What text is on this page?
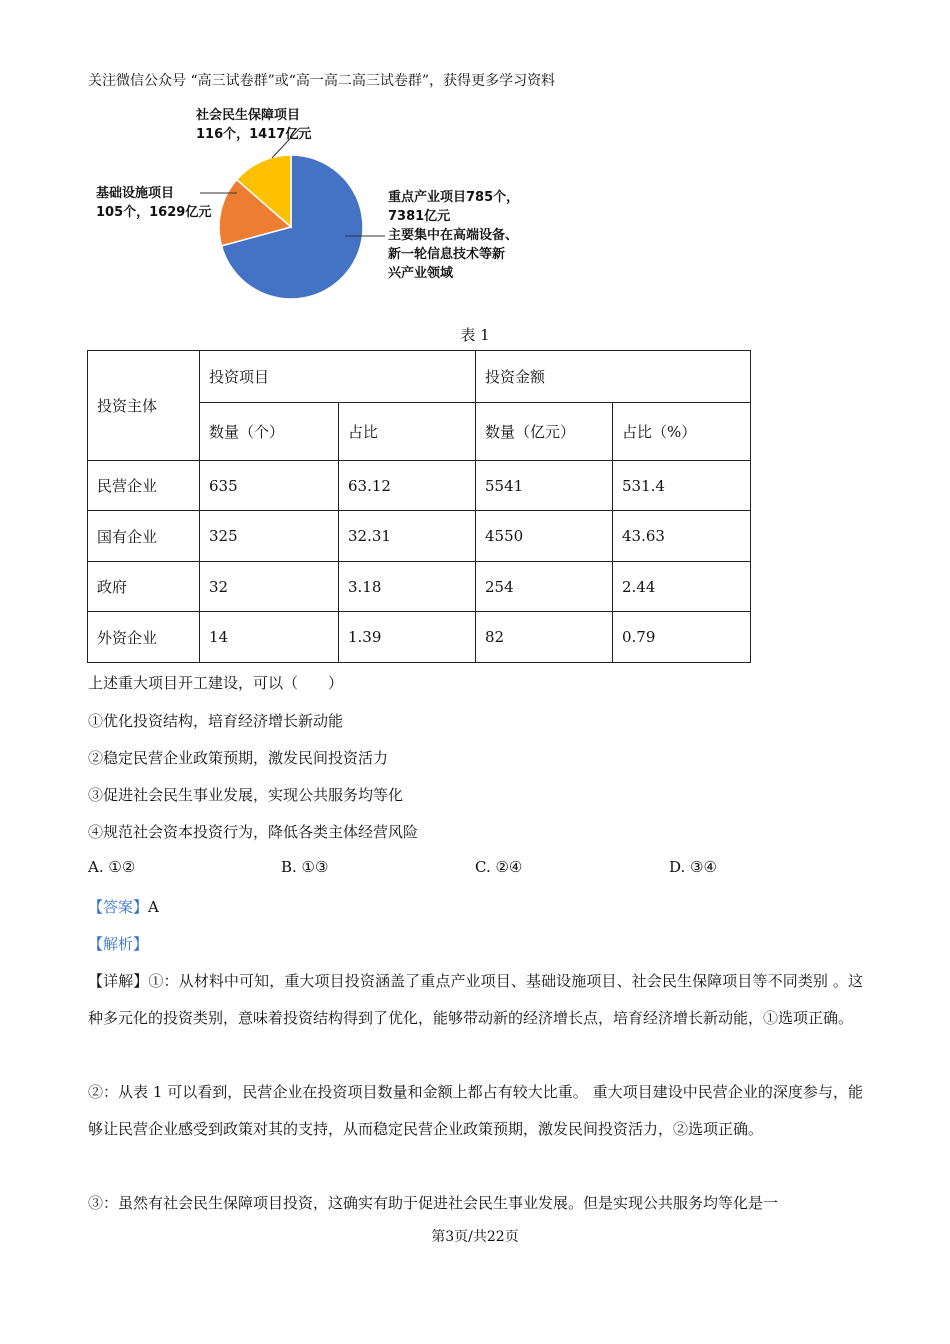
关注微信公众号 “高三试卷群”或“高一高二高三试卷群”，获得更多学习资料
社会民生保障项目
116个，1417亿元
基础设施项目
105个，1629亿元
重点产业项目785个，
7381亿元
主要集中在高端设备、
新一轮信息技术等新
兴产业领域
表 1
投资主体	投资项目		投资金额	
	数量（个）	占比	数量（亿元）	占比（%）
民营企业	635	63.12	5541	531.4
国有企业	325	32.31	4550	43.63
政府	32	3.18	254	2.44
外资企业	14	1.39	82	0.79
上述重大项目开工建设，可以（　　）
①优化投资结构，培育经济增长新动能
②稳定民营企业政策预期，激发民间投资活力
③促进社会民生事业发展，实现公共服务均等化
④规范社会资本投资行为，降低各类主体经营风险
A. ①②	B. ①③	C. ②④	D. ③④
【答案】A
【解析】
【详解】①：从材料中可知，重大项目投资涵盖了重点产业项目、基础设施项目、社会民生保障项目等不同类别 。这种多元化的投资类别，意味着投资结构得到了优化，能够带动新的经济增长点，培育经济增长新动能，①选项正确。
②：从表 1 可以看到，民营企业在投资项目数量和金额上都占有较大比重。 重大项目建设中民营企业的深度参与，能够让民营企业感受到政策对其的支持，从而稳定民营企业政策预期，激发民间投资活力，②选项正确。
③：虽然有社会民生保障项目投资，这确实有助于促进社会民生事业发展。但是实现公共服务均等化是一
第3页/共22页
